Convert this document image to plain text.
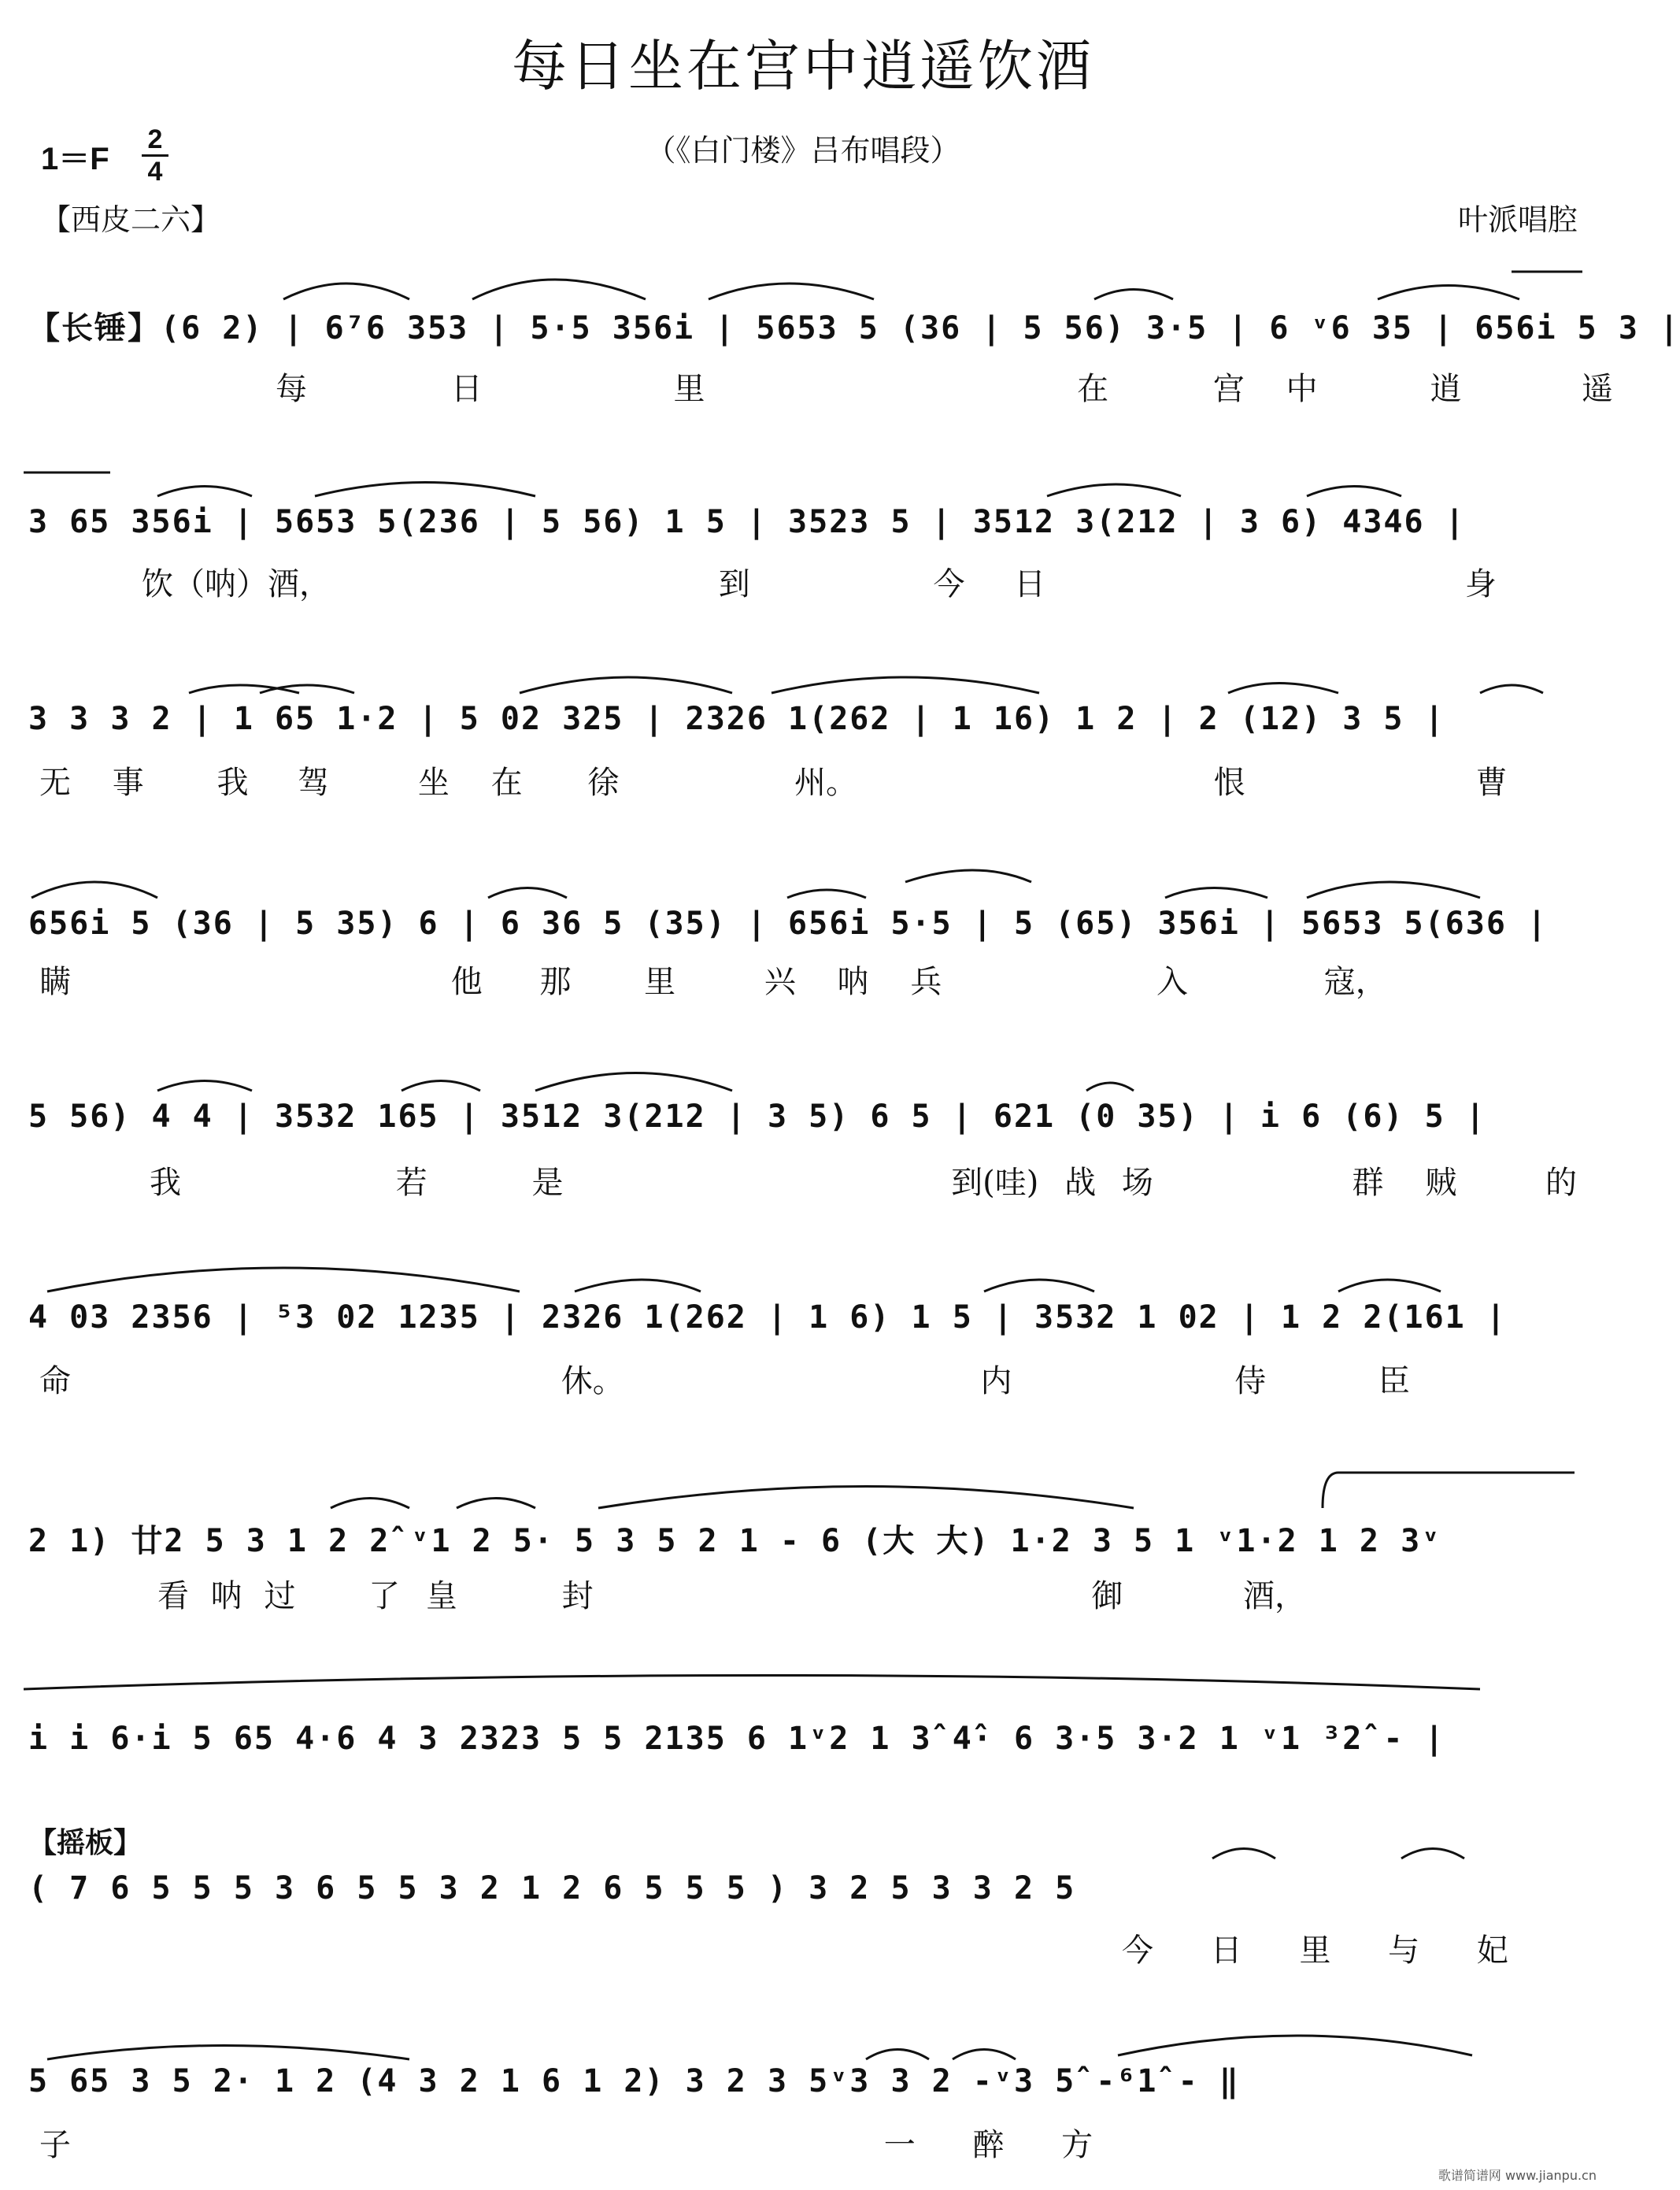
每日坐在宫中逍遥饮酒
（《白门楼》吕布唱段）
1＝F
2
4
【西皮二六】	叶派唱腔
【长锤】(6 2) | 6⁷6 353 | 5·5 356i | 5653 5 (36 | 5 56) 3·5 | 6 ᵛ6 35 | 656i 5 3 |
每	日	里	在	宫 中	逍	遥
3 65 356i | 5653 5(236 | 5 56) 1 5 | 3523 5 | 3512 3(212 | 3 6) 4346 |
饮（呐）酒，	到	今 日	身
3 3 3 2 | 1 65 1·2 | 5 02 325 | 2326 1(262 | 1 16) 1 2 | 2 (12) 3 5 |
无 事 我 驾	坐 在 徐	州。	恨	曹
656i 5 (36 | 5 35) 6 | 6 36 5 (35) | 656i 5·5 | 5 (65) 356i | 5653 5(636 |
瞒	他 那 里	兴 呐 兵	入	寇，
5 56) 4 4 | 3532 165 | 3512 3(212 | 3 5) 6 5 | 621 (0 35) | i 6 (6) 5 |
我	若	是	到(哇) 战 场	群 贼	的
4 03 2356 | ⁵3 02 1235 | 2326 1(262 | 1 6) 1 5 | 3532 1 02 | 1 2 2(161 |
命	休。	内	侍	臣
2 1) 廿2 5 3 1 2 2̂ ᵛ1 2 5· 5 3 5 2 1 - 6 (大 大) 1·2 3 5 1 ᵛ1·2 1 2 3ᵛ
看 呐 过 了 皇	封	御	酒，
i i 6·i 5 65 4·6 4 3 2323 5 5 2135 6 1ᵛ2 1 3̂ 4̂· 6 3·5 3·2 1 ᵛ1 ³2̂ - |
【摇板】
( 7 6 5 5 5 3 6 5 5 3 2 1 2 6 5 5 5 ) 3 2 5 3 3 2 5
今 日 里 与 妃
5 65 3 5 2· 1 2 (4 3 2 1 6 1 2) 3 2 3 5ᵛ3 3 2 -ᵛ3 5̂ -⁶1̂ - ‖
子	一 醉 方
歌谱简谱网 www.jianpu.cn
